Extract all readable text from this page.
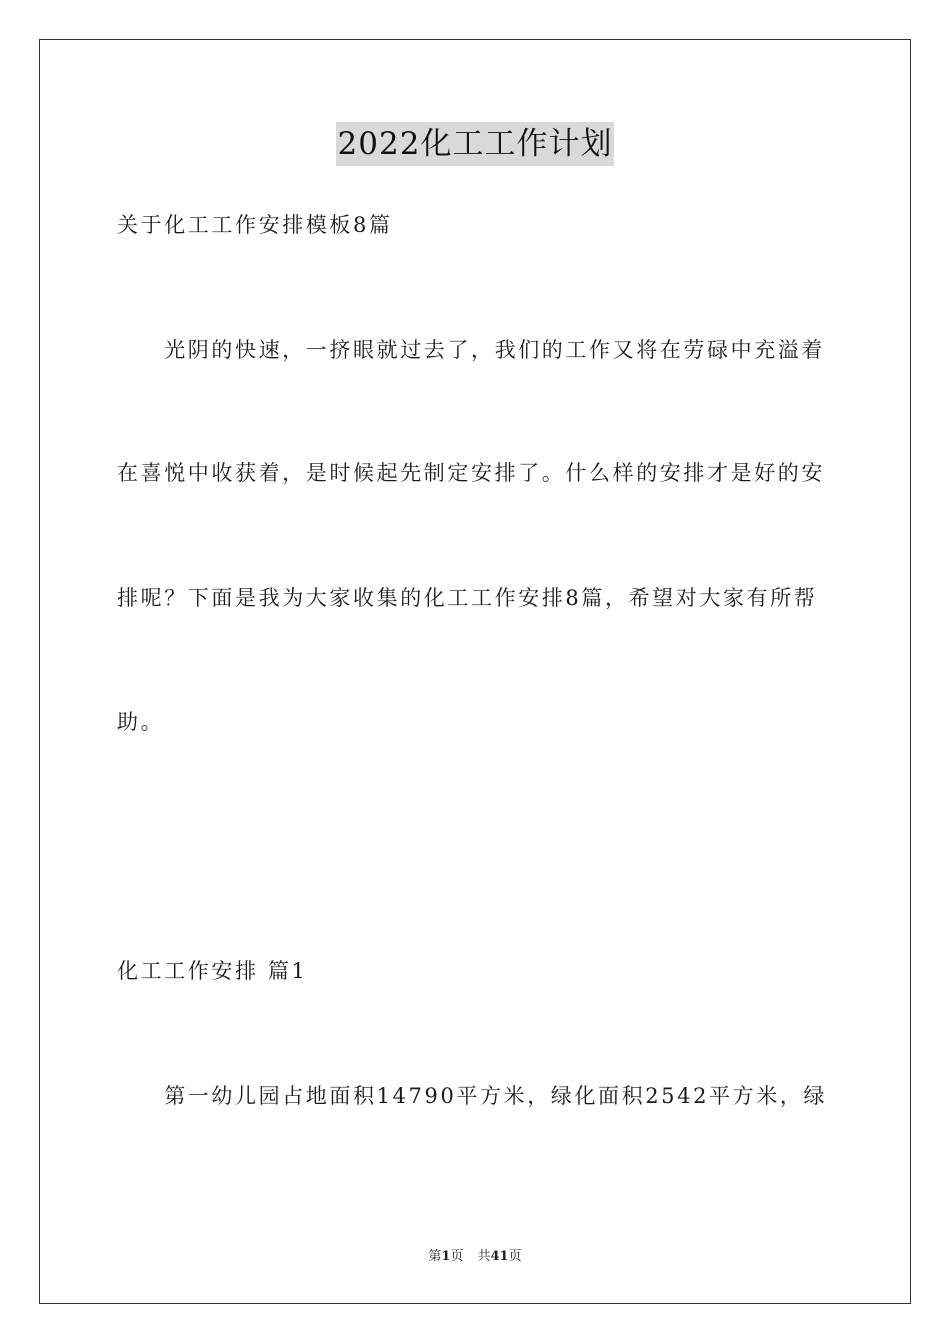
2022化工工作计划
关于化工工作安排模板8篇
　　光阴的快速，一挤眼就过去了，我们的工作又将在劳碌中充溢着
在喜悦中收获着，是时候起先制定安排了。什么样的安排才是好的安
排呢？下面是我为大家收集的化工工作安排8篇，希望对大家有所帮
助。
化工工作安排 篇1
　　第一幼儿园占地面积14790平方米，绿化面积2542平方米，绿
第1页 共41页
